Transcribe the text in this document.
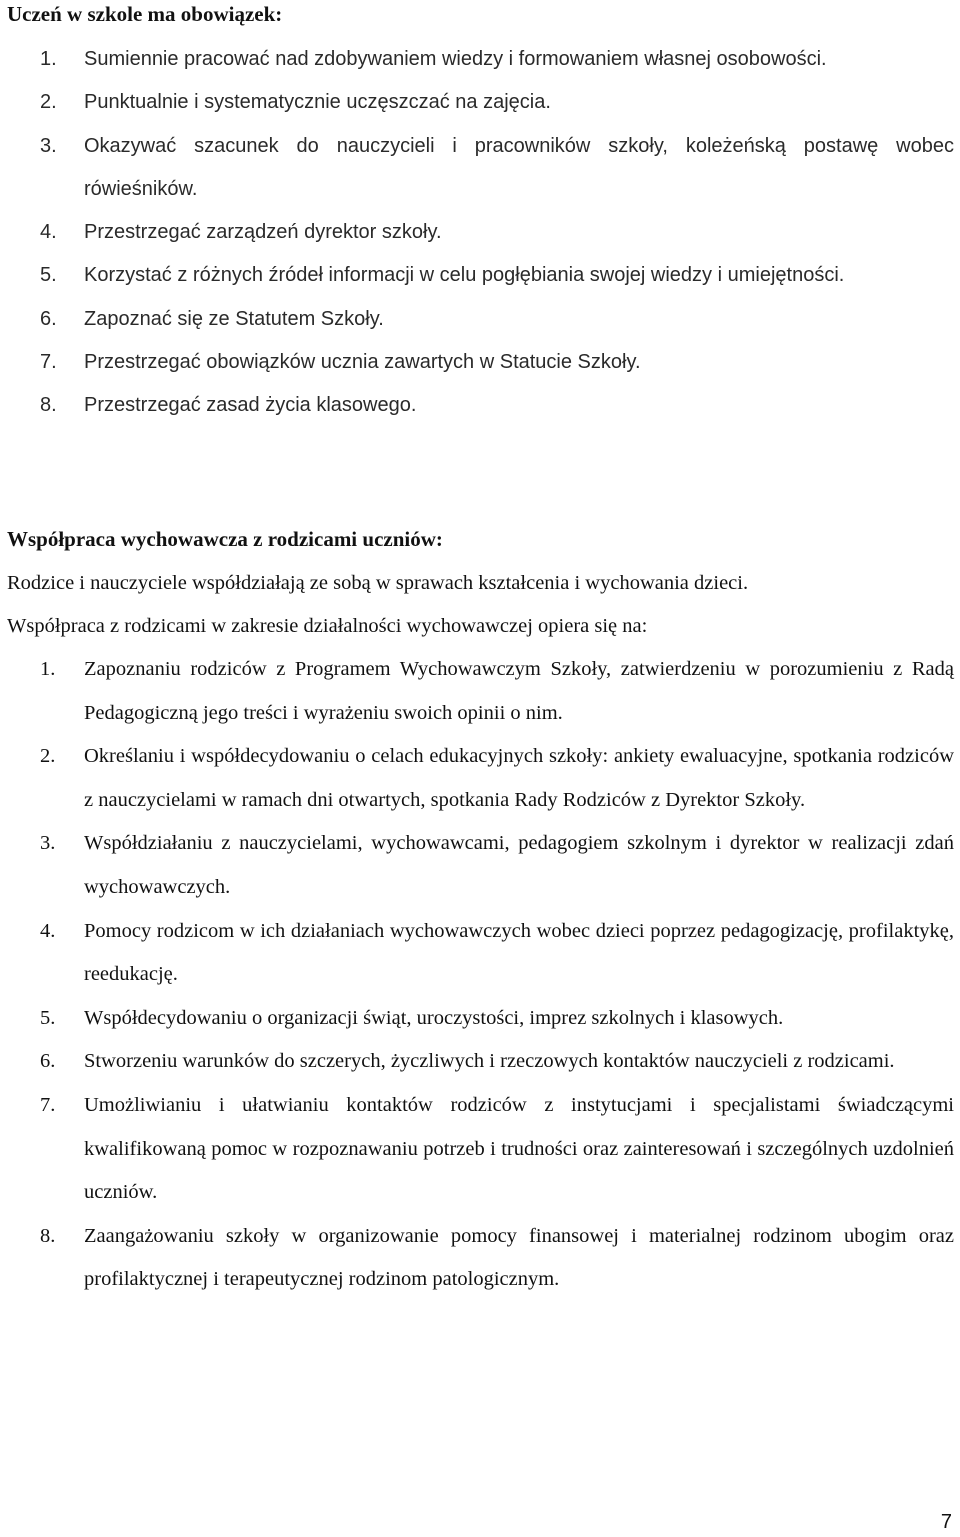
Uczeń w szkole ma obowiązek:
1. Sumiennie pracować nad zdobywaniem wiedzy i formowaniem własnej osobowości.
2. Punktualnie i systematycznie uczęszczać na zajęcia.
3. Okazywać szacunek do nauczycieli i pracowników szkoły, koleżeńską postawę wobec rówieśników.
4. Przestrzegać zarządzeń dyrektor szkoły.
5. Korzystać z różnych źródeł informacji w celu pogłębiania swojej wiedzy i umiejętności.
6. Zapoznać się ze Statutem Szkoły.
7. Przestrzegać obowiązków ucznia zawartych w Statucie Szkoły.
8. Przestrzegać zasad życia klasowego.
Współpraca wychowawcza z rodzicami uczniów:

Rodzice i nauczyciele współdziałają ze sobą w sprawach kształcenia i wychowania dzieci.

Współpraca z rodzicami w zakresie działalności wychowawczej opiera się na:

1. Zapoznaniu rodziców z Programem Wychowawczym Szkoły, zatwierdzeniu w porozumieniu z Radą Pedagogiczną jego treści i wyrażeniu swoich opinii o nim.
2. Określaniu i współdecydowaniu o celach edukacyjnych szkoły: ankiety ewaluacyjne, spotkania rodziców z nauczycielami w ramach dni otwartych, spotkania Rady Rodziców z Dyrektor Szkoły.
3. Współdziałaniu z nauczycielami, wychowawcami, pedagogiem szkolnym i dyrektor w realizacji zdań wychowawczych.
4. Pomocy rodzicom w ich działaniach wychowawczych wobec dzieci poprzez pedagogizację, profilaktykę, reedukację.
5. Współdecydowaniu o organizacji świąt, uroczystości, imprez szkolnych i klasowych.
6. Stworzeniu warunków do szczerych, życzliwych i rzeczowych kontaktów nauczycieli z rodzicami.
7. Umożliwianiu i ułatwianiu kontaktów rodziców z instytucjami i specjalistami świadczącymi kwalifikowaną pomoc w rozpoznawaniu potrzeb i trudności oraz zainteresowań i szczególnych uzdolnień uczniów.
8. Zaangażowaniu szkoły w organizowanie pomocy finansowej i materialnej rodzinom ubogim oraz profilaktycznej i terapeutycznej rodzinom patologicznym.
7
